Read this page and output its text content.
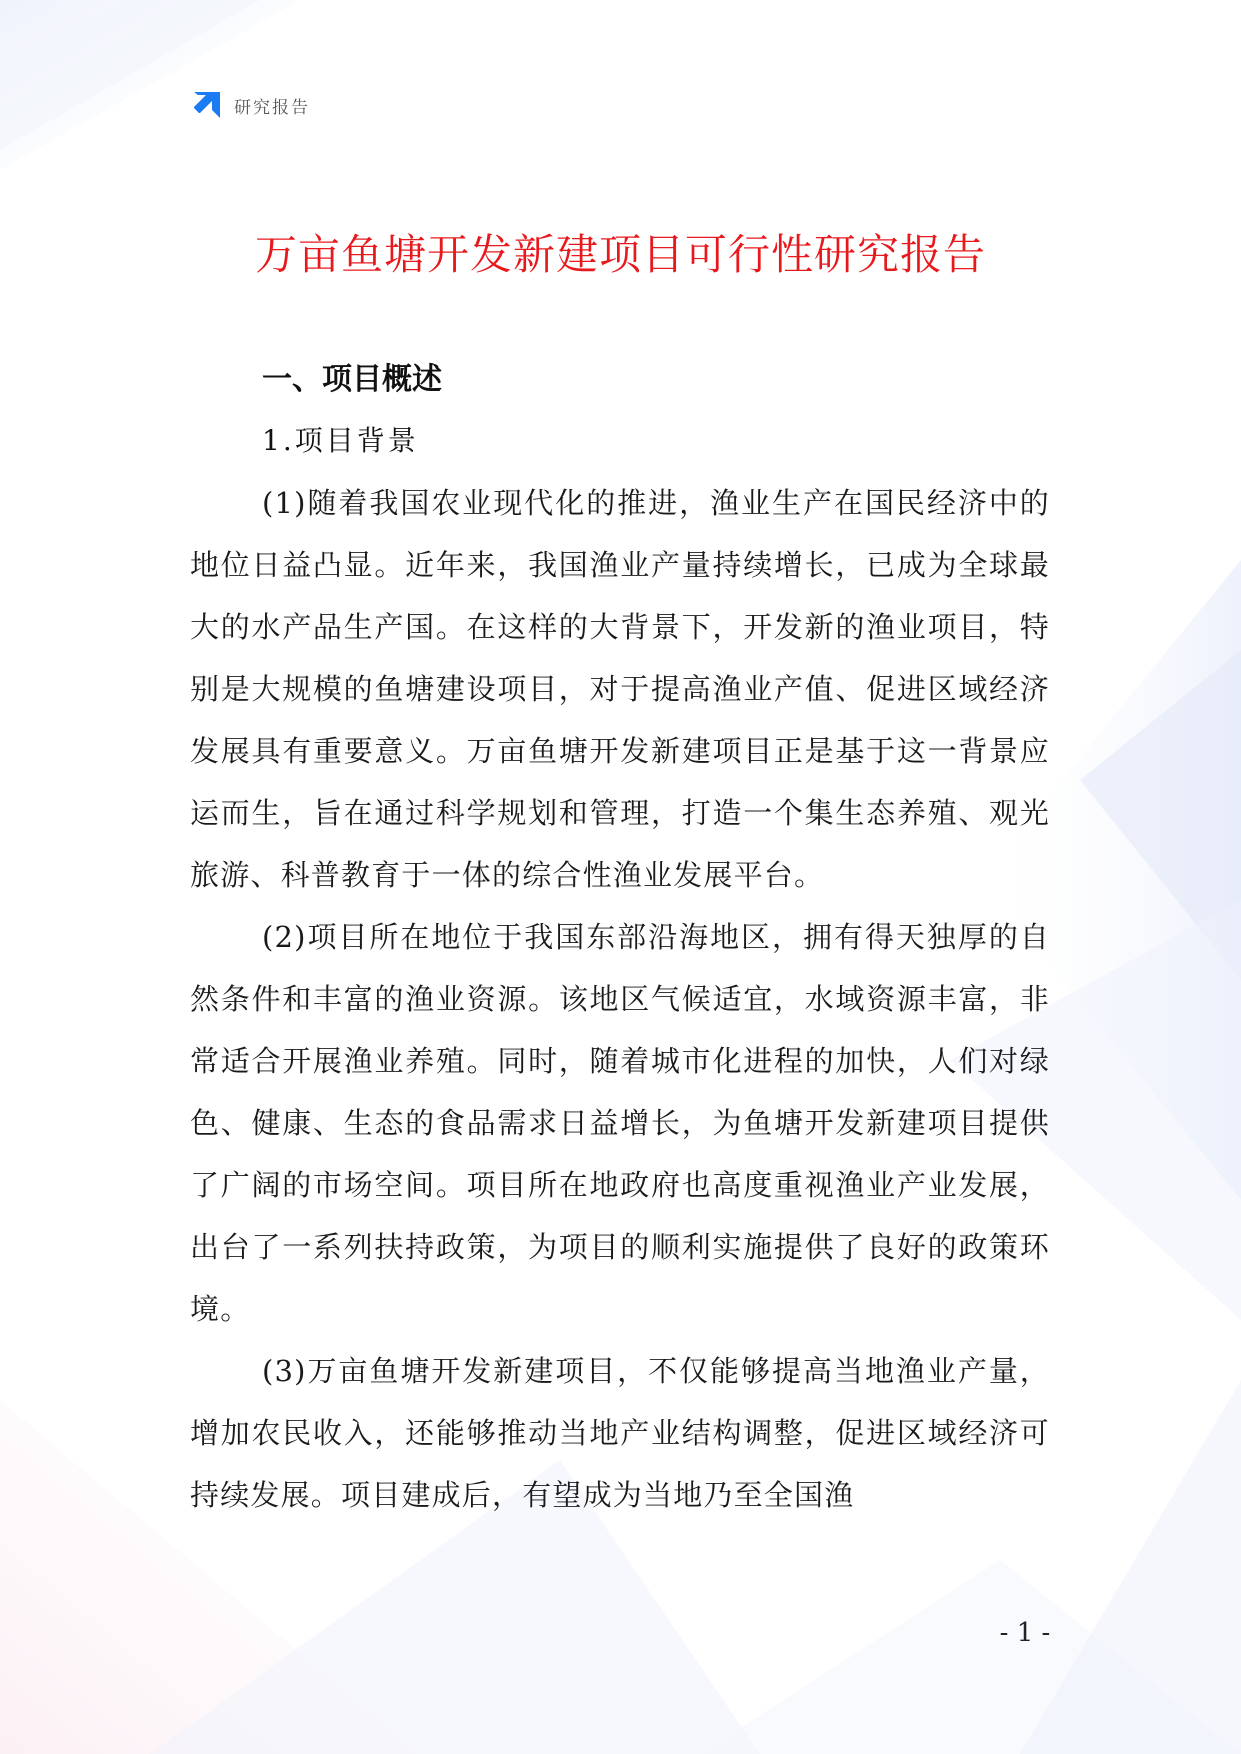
研究报告
万亩鱼塘开发新建项目可行性研究报告
一、项目概述
1.项目背景

(1)随着我国农业现代化的推进，渔业生产在国民经济中的地位日益凸显。近年来，我国渔业产量持续增长，已成为全球最大的水产品生产国。在这样的大背景下，开发新的渔业项目，特别是大规模的鱼塘建设项目，对于提高渔业产值、促进区域经济发展具有重要意义。万亩鱼塘开发新建项目正是基于这一背景应运而生，旨在通过科学规划和管理，打造一个集生态养殖、观光旅游、科普教育于一体的综合性渔业发展平台。

(2)项目所在地位于我国东部沿海地区，拥有得天独厚的自然条件和丰富的渔业资源。该地区气候适宜，水域资源丰富，非常适合开展渔业养殖。同时，随着城市化进程的加快，人们对绿色、健康、生态的食品需求日益增长，为鱼塘开发新建项目提供了广阔的市场空间。项目所在地政府也高度重视渔业产业发展，出台了一系列扶持政策，为项目的顺利实施提供了良好的政策环境。

(3)万亩鱼塘开发新建项目，不仅能够提高当地渔业产量，增加农民收入，还能够推动当地产业结构调整，促进区域经济可持续发展。项目建成后，有望成为当地乃至全国渔

- 1 -
